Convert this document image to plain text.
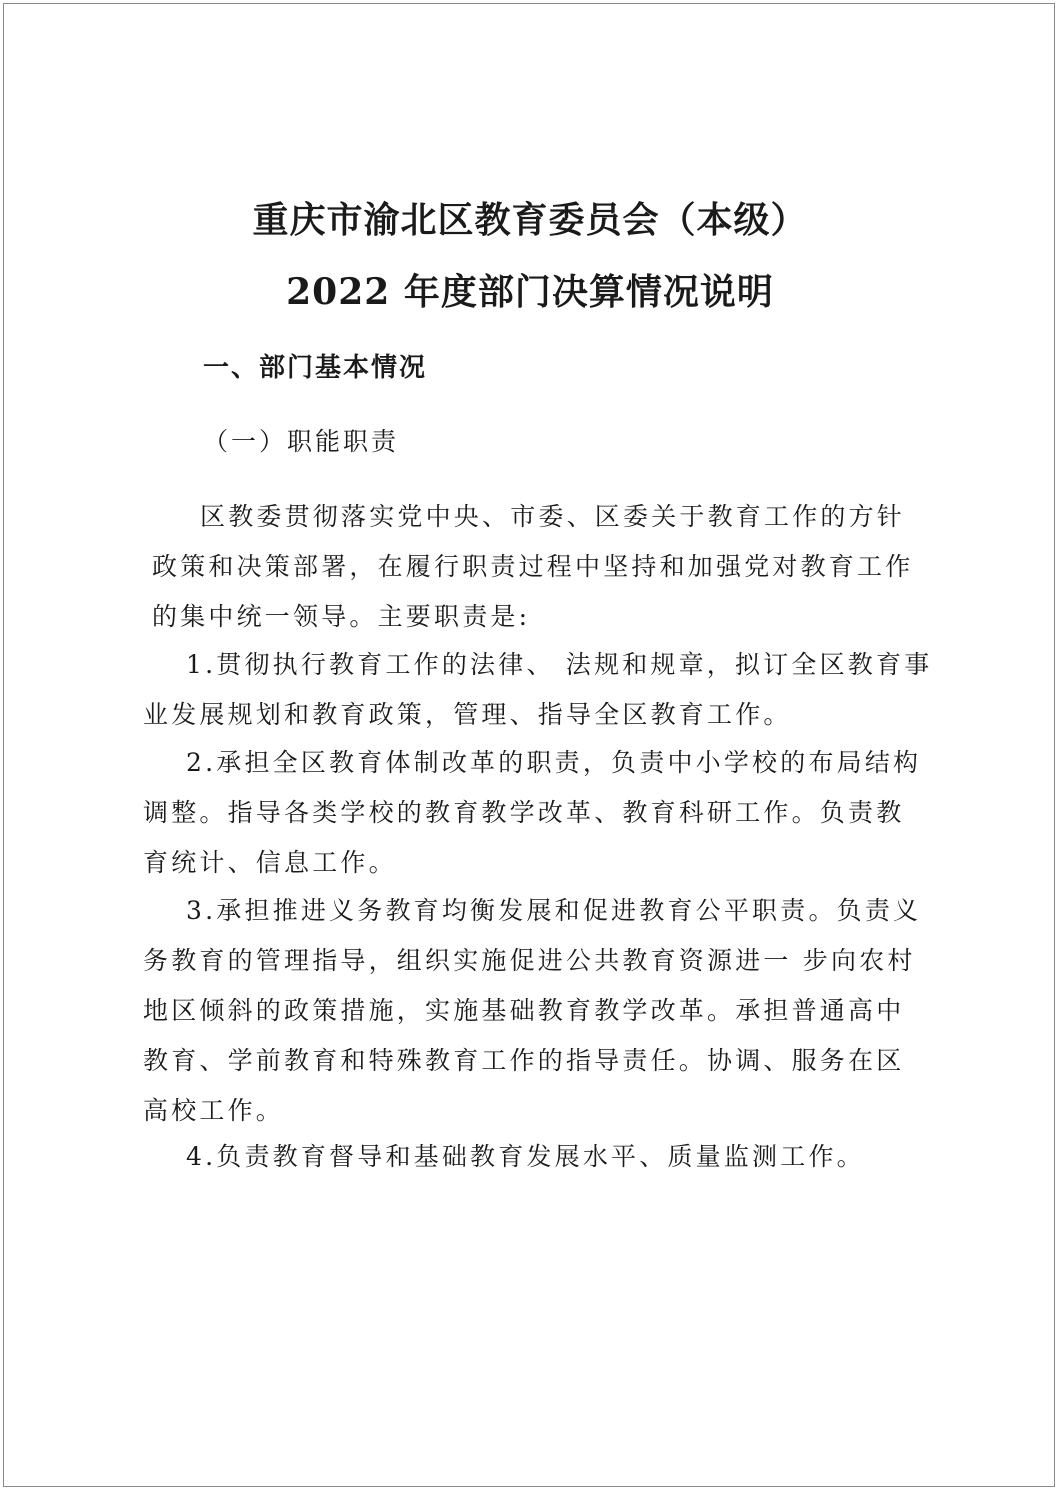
重庆市渝北区教育委员会（本级）
2022 年度部门决算情况说明
一、部门基本情况
（一）职能职责
区教委贯彻落实党中央、市委、区委关于教育工作的方针
政策和决策部署，在履行职责过程中坚持和加强党对教育工作
的集中统一领导。主要职责是:
1.贯彻执行教育工作的法律、 法规和规章，拟订全区教育事
业发展规划和教育政策，管理、指导全区教育工作。
2.承担全区教育体制改革的职责，负责中小学校的布局结构
调整。指导各类学校的教育教学改革、教育科研工作。负责教
育统计、信息工作。
3.承担推进义务教育均衡发展和促进教育公平职责。负责义
务教育的管理指导，组织实施促进公共教育资源进一 步向农村
地区倾斜的政策措施，实施基础教育教学改革。承担普通高中
教育、学前教育和特殊教育工作的指导责任。协调、服务在区
高校工作。
4.负责教育督导和基础教育发展水平、质量监测工作。
